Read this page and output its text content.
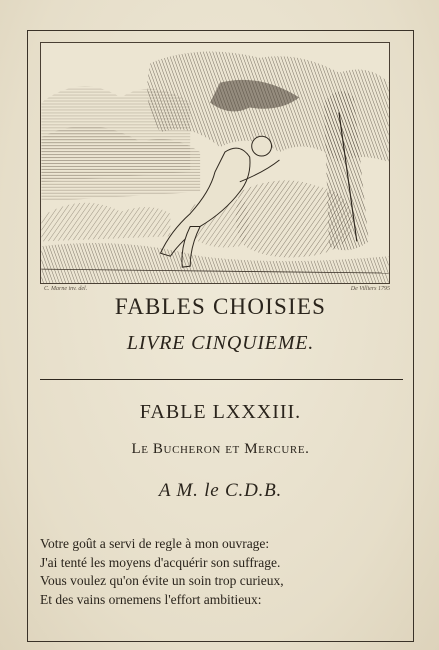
C. Marne inv. del.	De Villiers 1795
FABLES CHOISIES
LIVRE CINQUIEME.
FABLE LXXXIII.
Le Bucheron et Mercure.
A M. le C.D.B.
Votre goût a servi de regle à mon ouvrage:
J'ai tenté les moyens d'acquérir son suffrage.
Vous voulez qu'on évite un soin trop curieux,
Et des vains ornemens l'effort ambitieux:
